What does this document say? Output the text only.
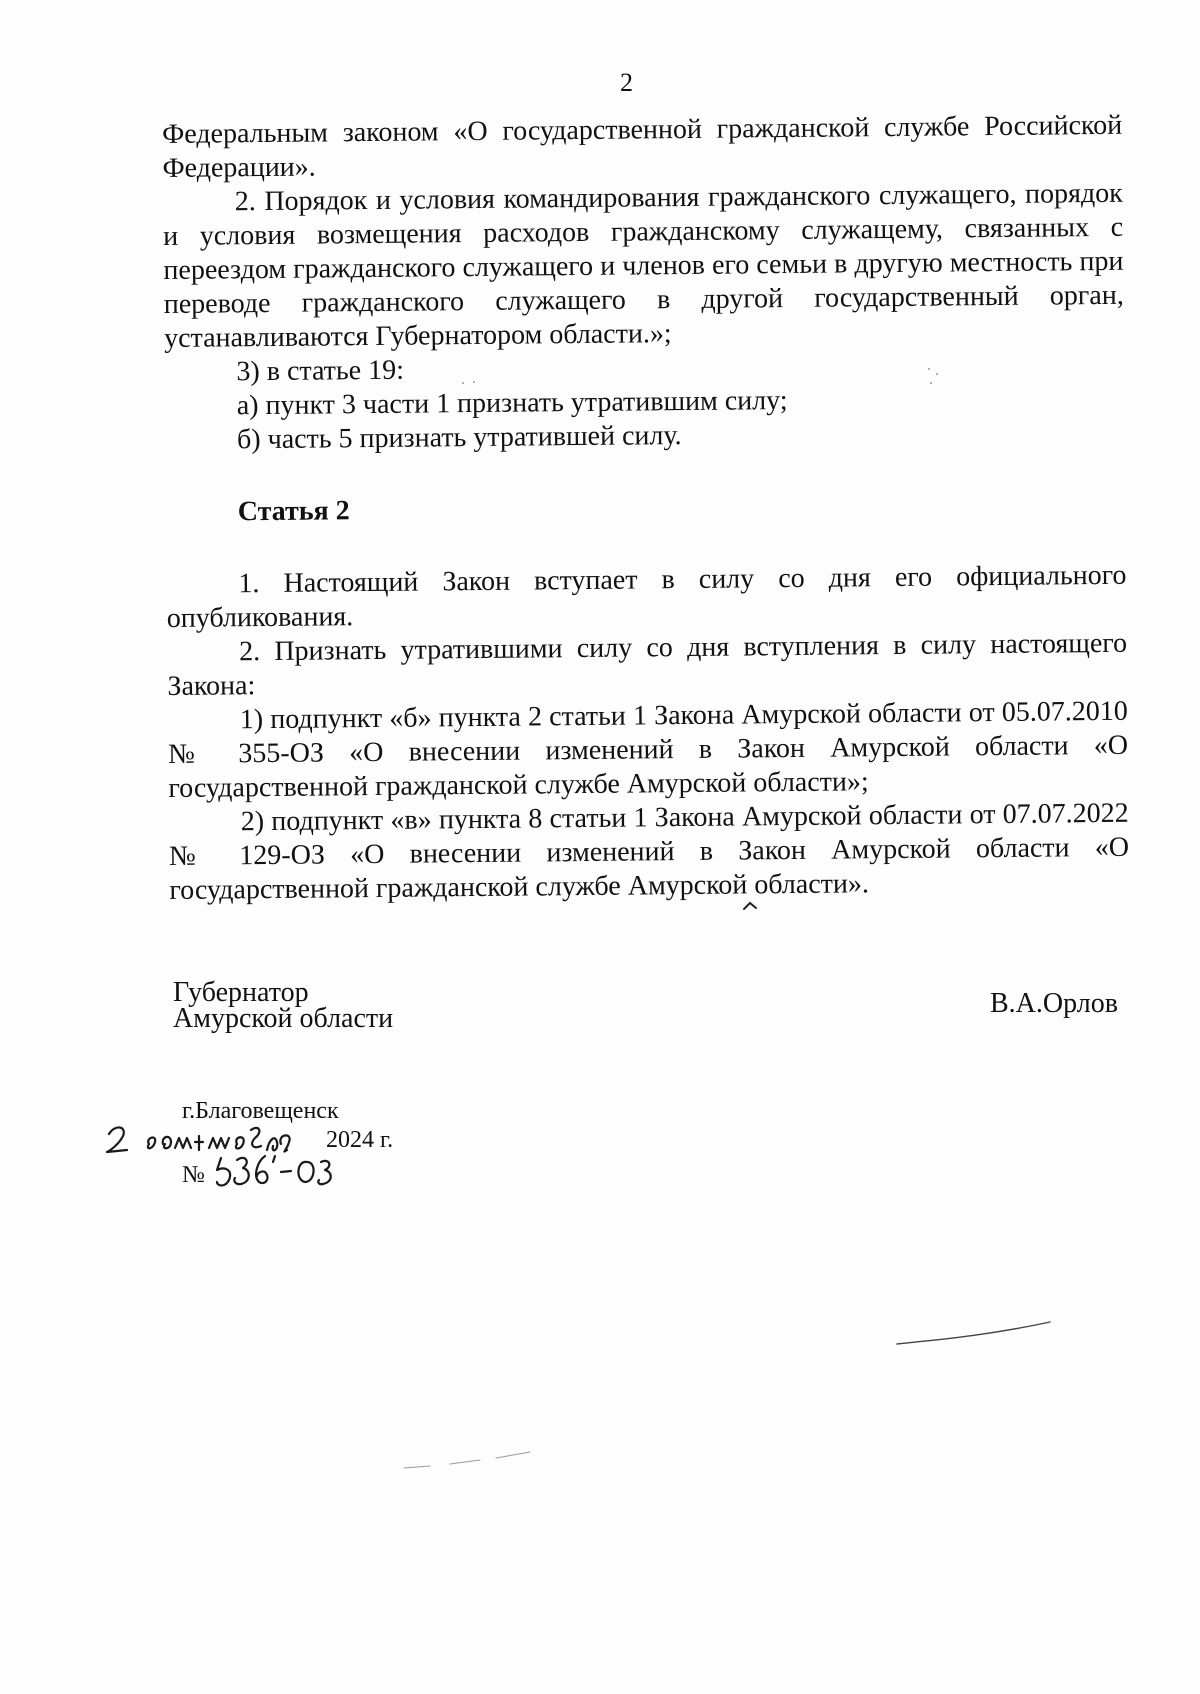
2

Федеральным законом «О государственной гражданской службе Российской Федерации».

2. Порядок и условия командирования гражданского служащего, порядок и условия возмещения расходов гражданскому служащему, связанных с переездом гражданского служащего и членов его семьи в другую местность при переводе гражданского служащего в другой государственный орган, устанавливаются Губернатором области.»;

3) в статье 19:

а) пункт 3 части 1 признать утратившим силу;

б) часть 5 признать утратившей силу.

Статья 2

1. Настоящий Закон вступает в силу со дня его официального опубликования.

2. Признать утратившими силу со дня вступления в силу настоящего Закона:

1) подпункт «б» пункта 2 статьи 1 Закона Амурской области от 05.07.2010 № 355-ОЗ «О внесении изменений в Закон Амурской области «О государственной гражданской службе Амурской области»;

2) подпункт «в» пункта 8 статьи 1 Закона Амурской области от 07.07.2022 № 129-ОЗ «О внесении изменений в Закон Амурской области «О государственной гражданской службе Амурской области».

Губернатор
Амурской области	В.А.Орлов
г.Благовещенск
2024 г.
№
